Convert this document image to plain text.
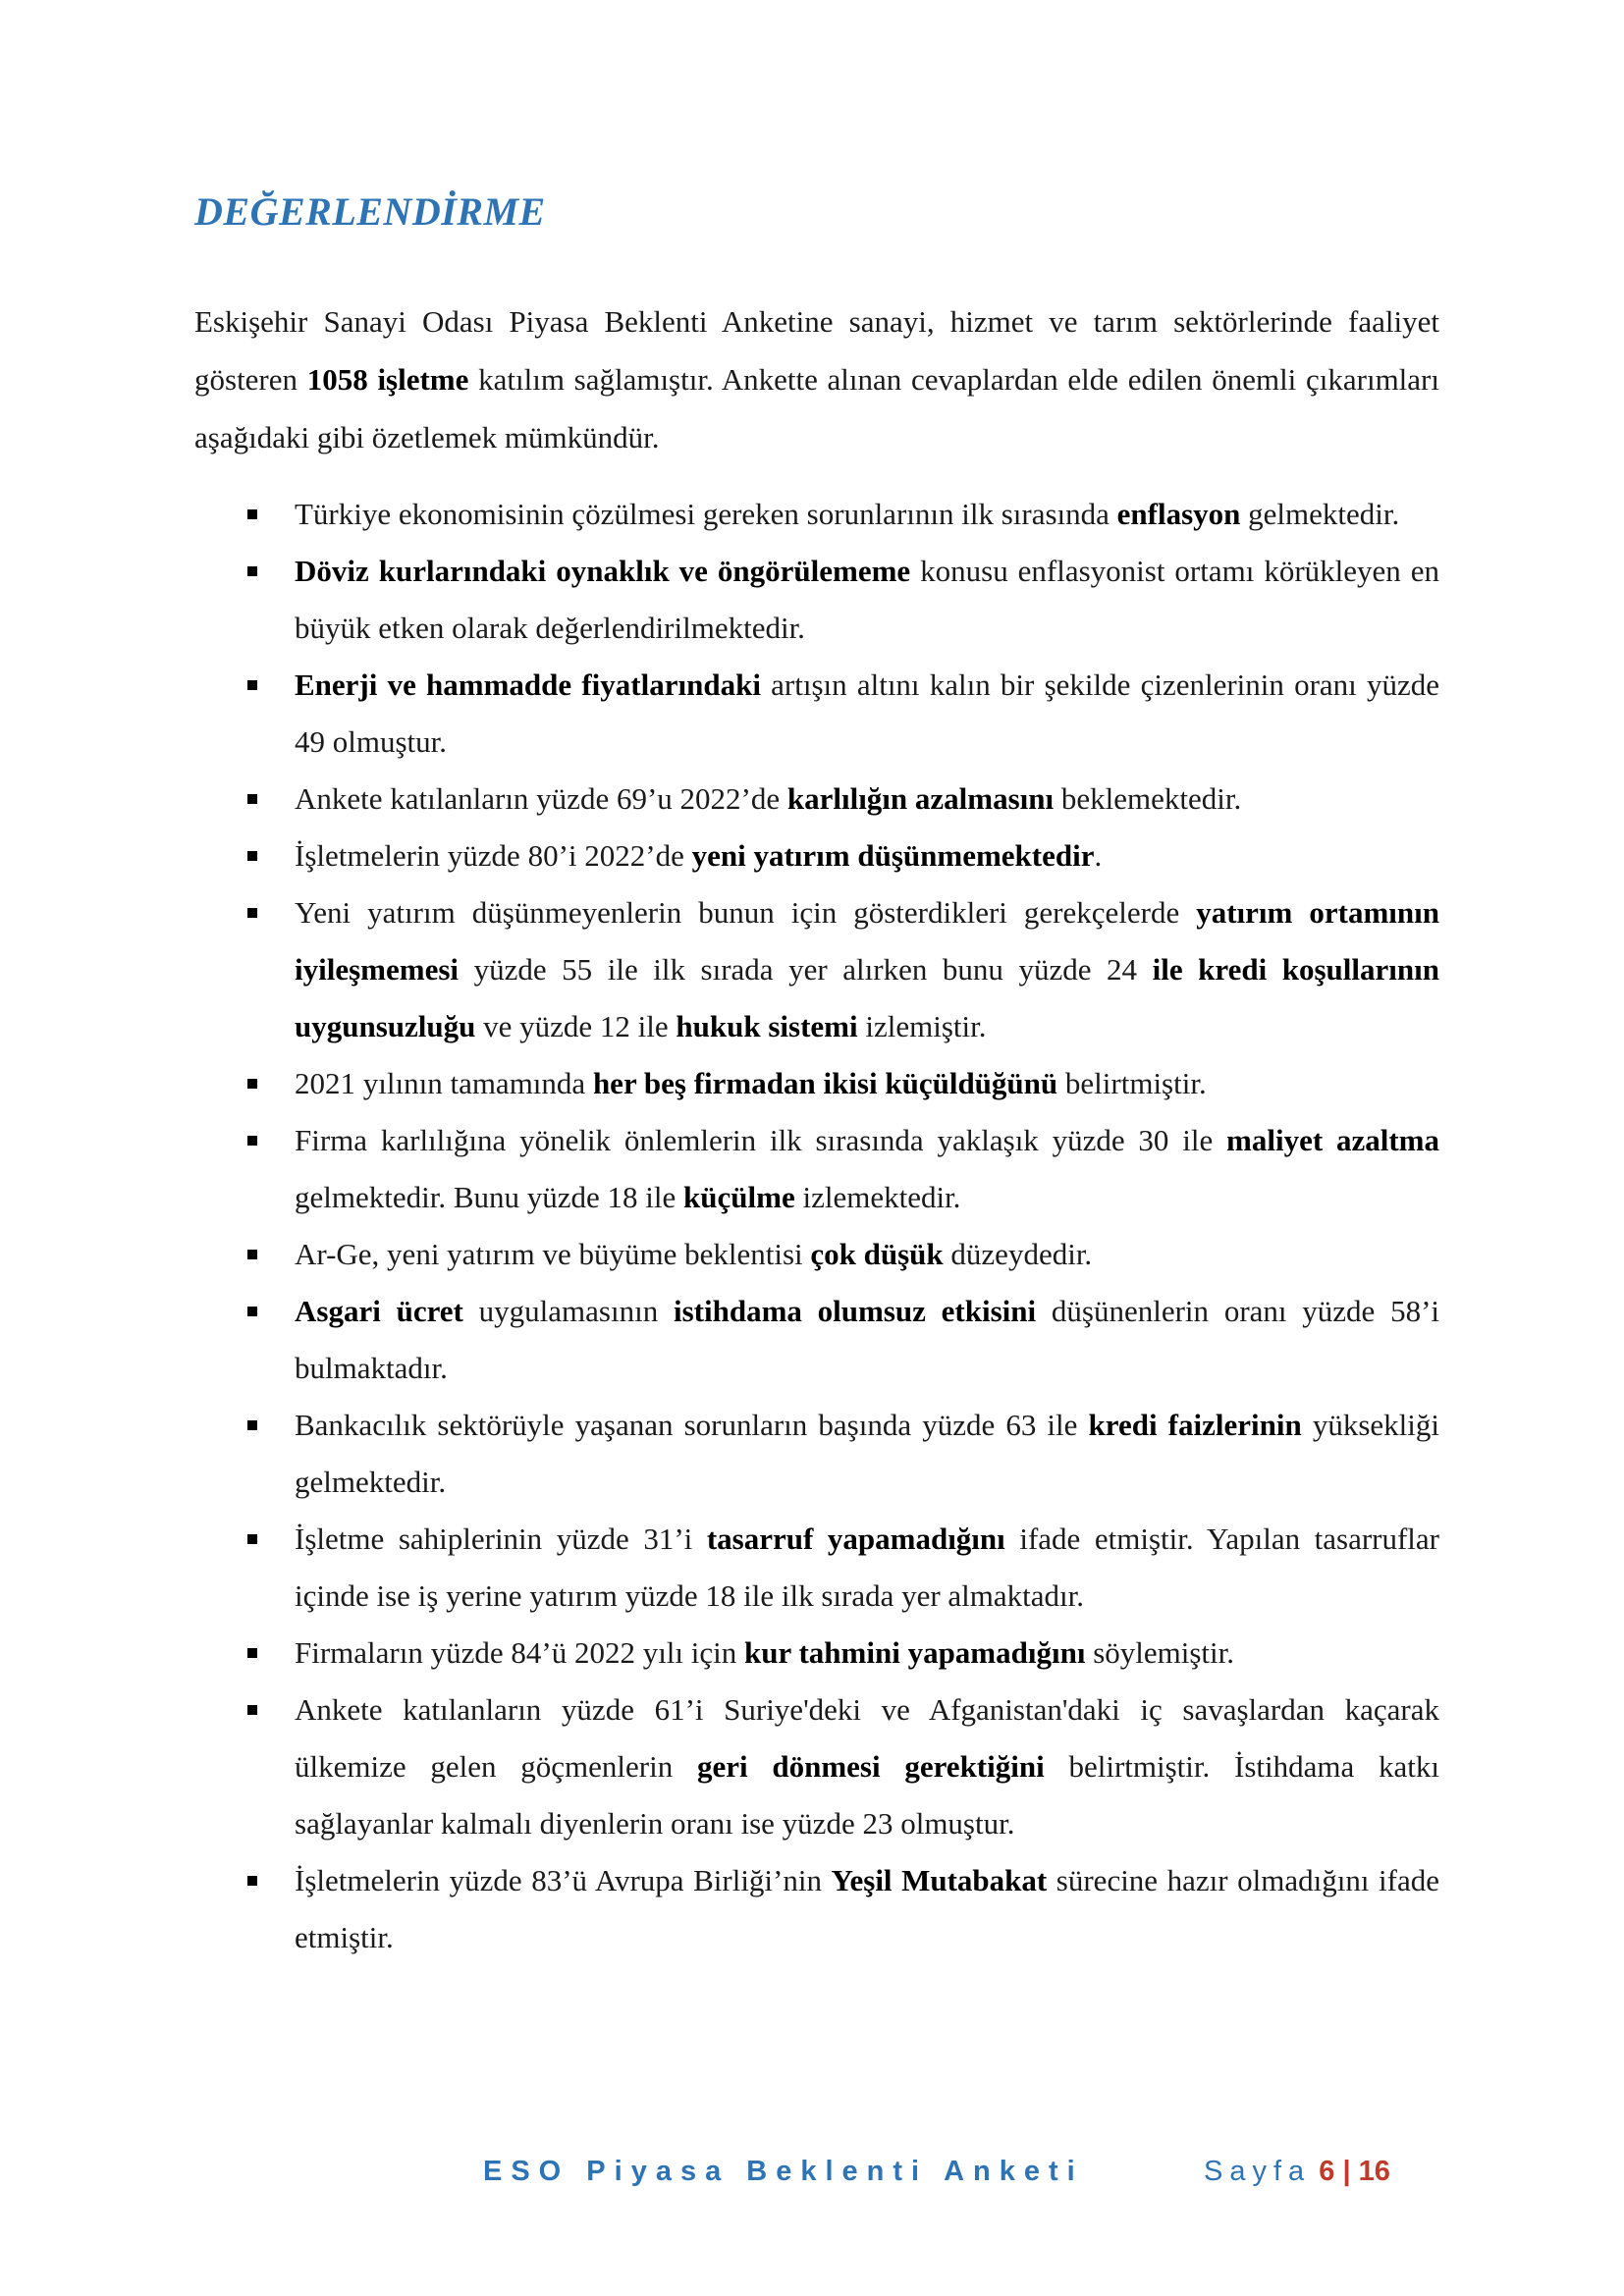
DEĞERLENDİRME

Eskişehir Sanayi Odası Piyasa Beklenti Anketine sanayi, hizmet ve tarım sektörlerinde faaliyet gösteren 1058 işletme katılım sağlamıştır. Ankette alınan cevaplardan elde edilen önemli çıkarımları aşağıdaki gibi özetlemek mümkündür.

Türkiye ekonomisinin çözülmesi gereken sorunlarının ilk sırasında enflasyon gelmektedir.
Döviz kurlarındaki oynaklık ve öngörülememe konusu enflasyonist ortamı körükleyen en büyük etken olarak değerlendirilmektedir.
Enerji ve hammadde fiyatlarındaki artışın altını kalın bir şekilde çizenlerinin oranı yüzde 49 olmuştur.
Ankete katılanların yüzde 69’u 2022’de karlılığın azalmasını beklemektedir.
İşletmelerin yüzde 80’i 2022’de yeni yatırım düşünmemektedir.
Yeni yatırım düşünmeyenlerin bunun için gösterdikleri gerekçelerde yatırım ortamının iyileşmemesi yüzde 55 ile ilk sırada yer alırken bunu yüzde 24 ile kredi koşullarının uygunsuzluğu ve yüzde 12 ile hukuk sistemi izlemiştir.
2021 yılının tamamında her beş firmadan ikisi küçüldüğünü belirtmiştir.
Firma karlılığına yönelik önlemlerin ilk sırasında yaklaşık yüzde 30 ile maliyet azaltma gelmektedir. Bunu yüzde 18 ile küçülme izlemektedir.
Ar-Ge, yeni yatırım ve büyüme beklentisi çok düşük düzeydedir.
Asgari ücret uygulamasının istihdama olumsuz etkisini düşünenlerin oranı yüzde 58’i bulmaktadır.
Bankacılık sektörüyle yaşanan sorunların başında yüzde 63 ile kredi faizlerinin yüksekliği gelmektedir.
İşletme sahiplerinin yüzde 31’i tasarruf yapamadığını ifade etmiştir. Yapılan tasarruflar içinde ise iş yerine yatırım yüzde 18 ile ilk sırada yer almaktadır.
Firmaların yüzde 84’ü 2022 yılı için kur tahmini yapamadığını söylemiştir.
Ankete katılanların yüzde 61’i Suriye'deki ve Afganistan'daki iç savaşlardan kaçarak ülkemize gelen göçmenlerin geri dönmesi gerektiğini belirtmiştir. İstihdama katkı sağlayanlar kalmalı diyenlerin oranı ise yüzde 23 olmuştur.
İşletmelerin yüzde 83’ü Avrupa Birliği’nin Yeşil Mutabakat sürecine hazır olmadığını ifade etmiştir.
ESO Piyasa Beklenti Anketi	Sayfa 6 | 16
